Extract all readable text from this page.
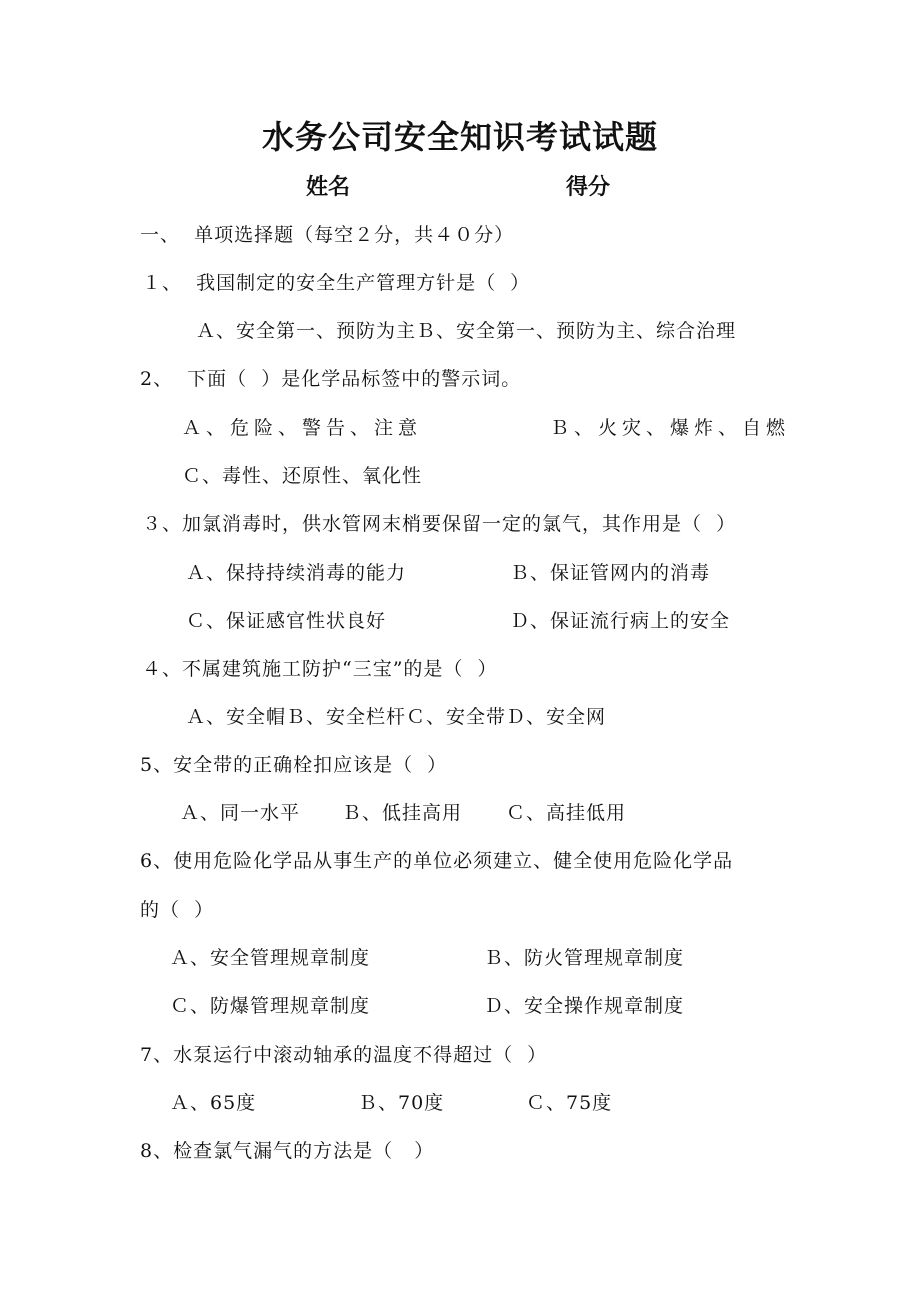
水务公司安全知识考试试题
姓名	得分
一、  单项选择题（每空２分，共４０分）
１、  我国制定的安全生产管理方针是（  ）
Ａ、安全第一、预防为主Ｂ、安全第一、预防为主、综合治理
2、  下面（  ）是化学品标签中的警示词。
Ａ、危险、警告、注意	Ｂ、火灾、爆炸、自燃
Ｃ、毒性、还原性、氧化性
３、加氯消毒时，供水管网末梢要保留一定的氯气，其作用是（  ）
Ａ、保持持续消毒的能力	Ｂ、保证管网内的消毒
Ｃ、保证感官性状良好	Ｄ、保证流行病上的安全
４、不属建筑施工防护“三宝”的是（  ）
Ａ、安全帽Ｂ、安全栏杆Ｃ、安全带Ｄ、安全网
5、安全带的正确栓扣应该是（  ）
Ａ、同一水平 Ｂ、低挂高用 Ｃ、高挂低用
6、使用危险化学品从事生产的单位必须建立、健全使用危险化学品
的（  ）
Ａ、安全管理规章制度	Ｂ、防火管理规章制度
Ｃ、防爆管理规章制度	Ｄ、安全操作规章制度
7、水泵运行中滚动轴承的温度不得超过（  ）
Ａ、65度	Ｂ、70度	Ｃ、75度
8、检查氯气漏气的方法是（   ）
